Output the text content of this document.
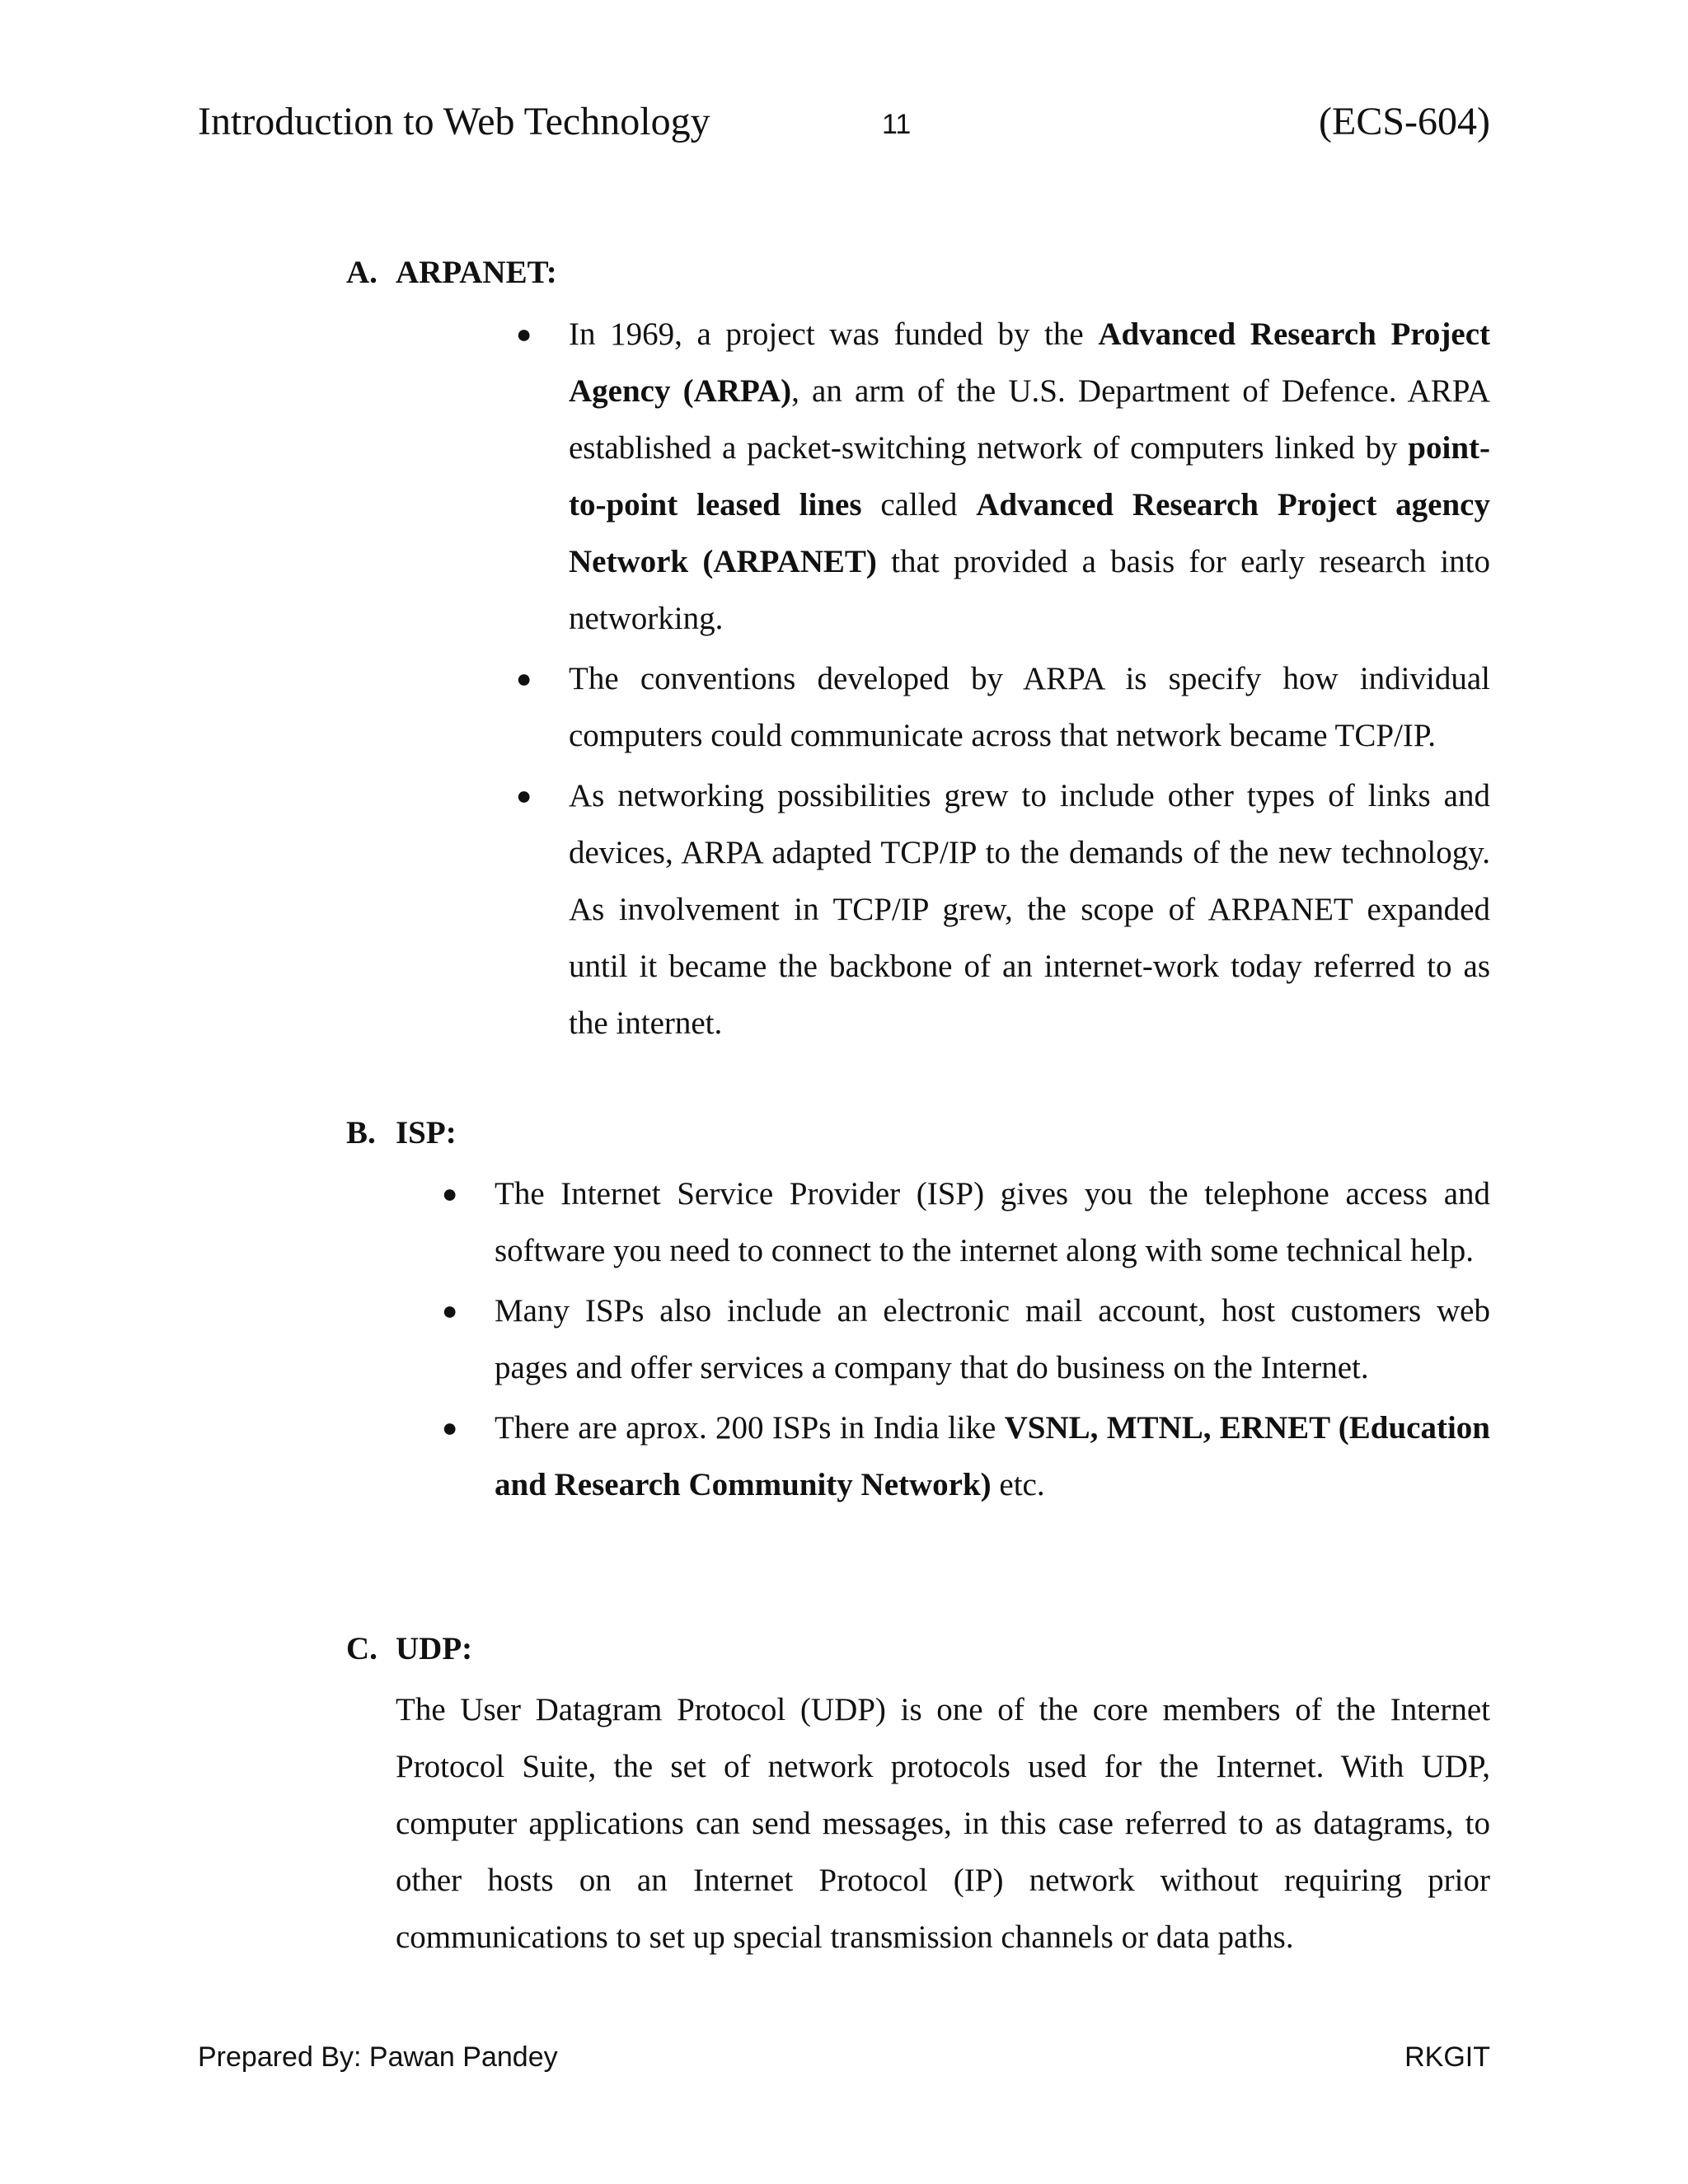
Introduction to Web Technology	11	(ECS-604)
A. ARPANET:
● In 1969, a project was funded by the Advanced Research Project Agency (ARPA), an arm of the U.S. Department of Defence. ARPA established a packet-switching network of computers linked by point-to-point leased lines called Advanced Research Project agency Network (ARPANET) that provided a basis for early research into networking.
● The conventions developed by ARPA is specify how individual computers could communicate across that network became TCP/IP.
● As networking possibilities grew to include other types of links and devices, ARPA adapted TCP/IP to the demands of the new technology. As involvement in TCP/IP grew, the scope of ARPANET expanded until it became the backbone of an internet-work today referred to as the internet.
B. ISP:
● The Internet Service Provider (ISP) gives you the telephone access and software you need to connect to the internet along with some technical help.
● Many ISPs also include an electronic mail account, host customers web pages and offer services a company that do business on the Internet.
● There are aprox. 200 ISPs in India like VSNL, MTNL, ERNET (Education and Research Community Network) etc.
C. UDP:
The User Datagram Protocol (UDP) is one of the core members of the Internet Protocol Suite, the set of network protocols used for the Internet. With UDP, computer applications can send messages, in this case referred to as datagrams, to other hosts on an Internet Protocol (IP) network without requiring prior communications to set up special transmission channels or data paths.
Prepared By: Pawan Pandey	RKGIT
